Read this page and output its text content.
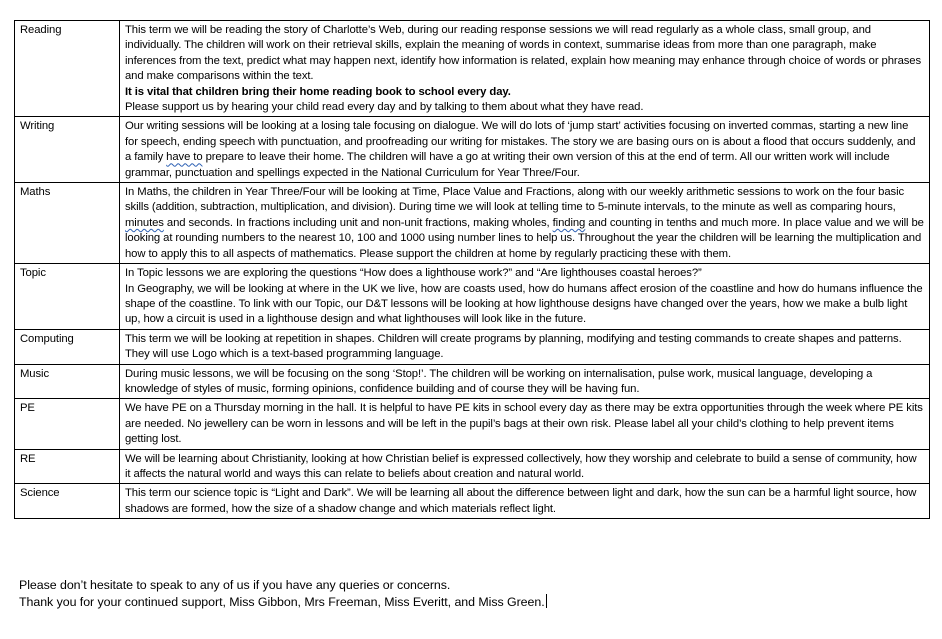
Reading	This term we will be reading the story of Charlotte’s Web, during our reading response sessions we will read regularly as a whole class, small group, and individually. The children will work on their retrieval skills, explain the meaning of words in context, summarise ideas from more than one paragraph, make inferences from the text, predict what may happen next, identify how information is related, explain how meaning may enhance through choice of words or phrases and make comparisons within the text.
It is vital that children bring their home reading book to school every day.
Please support us by hearing your child read every day and by talking to them about what they have read.

Writing	Our writing sessions will be looking at a losing tale focusing on dialogue. We will do lots of ‘jump start’ activities focusing on inverted commas, starting a new line for speech, ending speech with punctuation, and proofreading our writing for mistakes. The story we are basing ours on is about a flood that occurs suddenly, and a family have to prepare to leave their home. The children will have a go at writing their own version of this at the end of term. All our written work will include grammar, punctuation and spellings expected in the National Curriculum for Year Three/Four.
Maths	In Maths, the children in Year Three/Four will be looking at Time, Place Value and Fractions, along with our weekly arithmetic sessions to work on the four basic skills (addition, subtraction, multiplication, and division). During time we will look at telling time to 5-minute intervals, to the minute as well as comparing hours, minutes and seconds. In fractions including unit and non-unit fractions, making wholes, finding and counting in tenths and much more. In place value and we will be looking at rounding numbers to the nearest 10, 100 and 1000 using number lines to help us. Throughout the year the children will be learning the multiplication and how to apply this to all aspects of mathematics. Please support the children at home by regularly practicing these with them.
Topic	In Topic lessons we are exploring the questions “How does a lighthouse work?” and “Are lighthouses coastal heroes?”
In Geography, we will be looking at where in the UK we live, how are coasts used, how do humans affect erosion of the coastline and how do humans influence the shape of the coastline. To link with our Topic, our D&T lessons will be looking at how lighthouse designs have changed over the years, how we make a bulb light up, how a circuit is used in a lighthouse design and what lighthouses will look like in the future.

Computing	This term we will be looking at repetition in shapes. Children will create programs by planning, modifying and testing commands to create shapes and patterns. They will use Logo which is a text-based programming language.

Music	During music lessons, we will be focusing on the song ‘Stop!’. The children will be working on internalisation, pulse work, musical language, developing a knowledge of styles of music, forming opinions, confidence building and of course they will be having fun.

PE	We have PE on a Thursday morning in the hall. It is helpful to have PE kits in school every day as there may be extra opportunities through the week where PE kits are needed. No jewellery can be worn in lessons and will be left in the pupil’s bags at their own risk. Please label all your child’s clothing to help prevent items getting lost.

RE	We will be learning about Christianity, looking at how Christian belief is expressed collectively, how they worship and celebrate to build a sense of community, how it affects the natural world and ways this can relate to beliefs about creation and natural world.

Science	This term our science topic is “Light and Dark”. We will be learning all about the difference between light and dark, how the sun can be a harmful light source, how shadows are formed, how the size of a shadow change and which materials reflect light.
Please don’t hesitate to speak to any of us if you have any queries or concerns.
Thank you for your continued support, Miss Gibbon, Mrs Freeman, Miss Everitt, and Miss Green.
